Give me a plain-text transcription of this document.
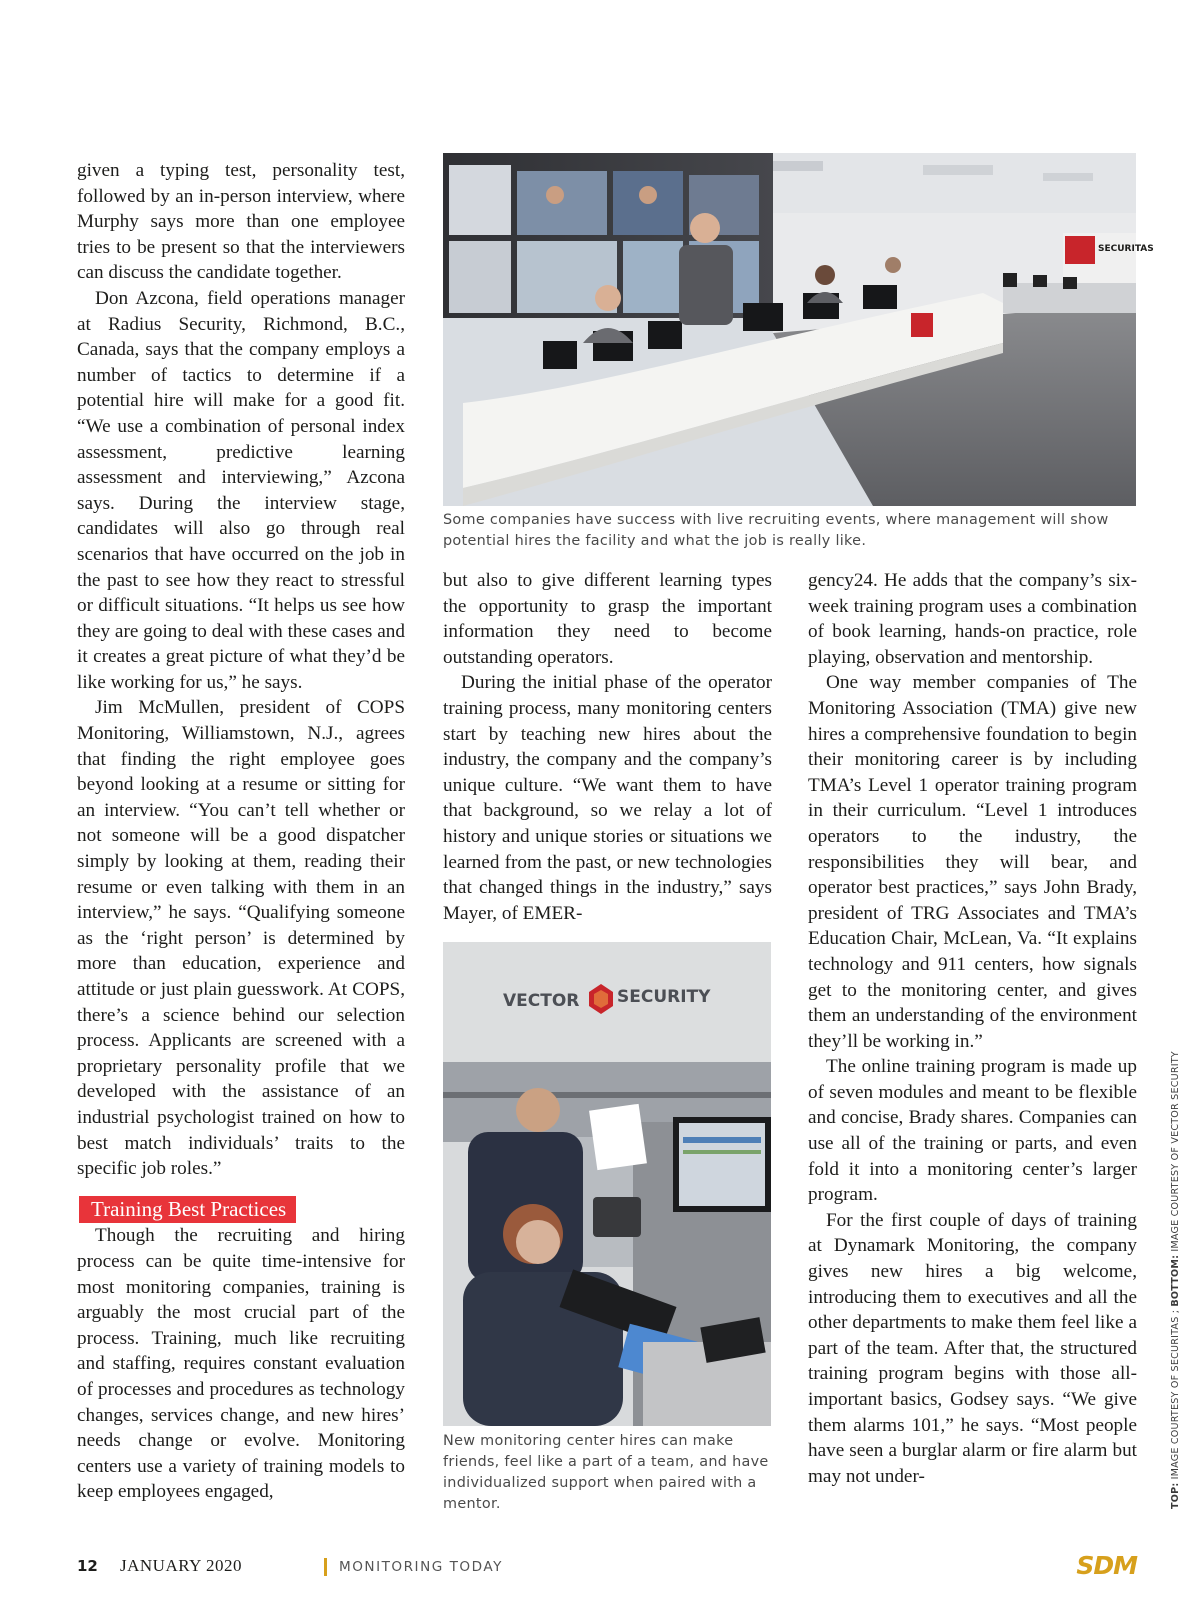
given a typing test, personality test, followed by an in-person interview, where Murphy says more than one employee tries to be present so that the interviewers can discuss the candidate together.

Don Azcona, field operations manager at Radius Security, Richmond, B.C., Canada, says that the company employs a number of tactics to determine if a potential hire will make for a good fit. “We use a combination of personal index assessment, predictive learning assessment and interviewing,” Azcona says. During the interview stage, candidates will also go through real scenarios that have occurred on the job in the past to see how they react to stressful or difficult situations. “It helps us see how they are going to deal with these cases and it creates a great picture of what they’d be like working for us,” he says.

Jim McMullen, president of COPS Monitoring, Williamstown, N.J., agrees that finding the right employee goes beyond looking at a resume or sitting for an interview. “You can’t tell whether or not someone will be a good dispatcher simply by looking at them, reading their resume or even talking with them in an interview,” he says. “Qualifying someone as the ‘right person’ is determined by more than education, experience and attitude or just plain guesswork. At COPS, there’s a science behind our selection process. Applicants are screened with a proprietary personality profile that we developed with the assistance of an industrial psychologist trained on how to best match individuals’ traits to the specific job roles.”

Training Best Practices

Though the recruiting and hiring process can be quite time-intensive for most monitoring companies, training is arguably the most crucial part of the process. Training, much like recruiting and staffing, requires constant evaluation of processes and procedures as technology changes, services change, and new hires’ needs change or evolve. Monitoring centers use a variety of training models to keep employees engaged,

SECURITAS

Some companies have success with live recruiting events, where management will show potential hires the facility and what the job is really like.

but also to give different learning types the opportunity to grasp the important information they need to become outstanding operators.

During the initial phase of the operator training process, many monitoring centers start by teaching new hires about the industry, the company and the company’s unique culture. “We want them to have that background, so we relay a lot of history and unique stories or situations we learned from the past, or new technologies that changed things in the industry,” says Mayer, of EMER-

VECTOR SECURITY

New monitoring center hires can make friends, feel like a part of a team, and have individualized support when paired with a mentor.

gency24. He adds that the company’s six-week training program uses a combination of book learning, hands-on practice, role playing, observation and mentorship.

One way member companies of The Monitoring Association (TMA) give new hires a comprehensive foundation to begin their monitoring career is by including TMA’s Level 1 operator training program in their curriculum. “Level 1 introduces operators to the industry, the responsibilities they will bear, and operator best practices,” says John Brady, president of TRG Associates and TMA’s Education Chair, McLean, Va. “It explains technology and 911 centers, how signals get to the monitoring center, and gives them an understanding of the environment they’ll be working in.”

The online training program is made up of seven modules and meant to be flexible and concise, Brady shares. Companies can use all of the training or parts, and even fold it into a monitoring center’s larger program.

For the first couple of days of training at Dynamark Monitoring, the company gives new hires a big welcome, introducing them to executives and all the other departments to make them feel like a part of the team. After that, the structured training program begins with those all-important basics, Godsey says. “We give them alarms 101,” he says. “Most people have seen a burglar alarm or fire alarm but may not under-

TOP: IMAGE COURTESY OF SECURITAS ; BOTTOM: IMAGE COURTESY OF VECTOR SECURITY
12 JANUARY 2020	MONITORING TODAY	SDM
